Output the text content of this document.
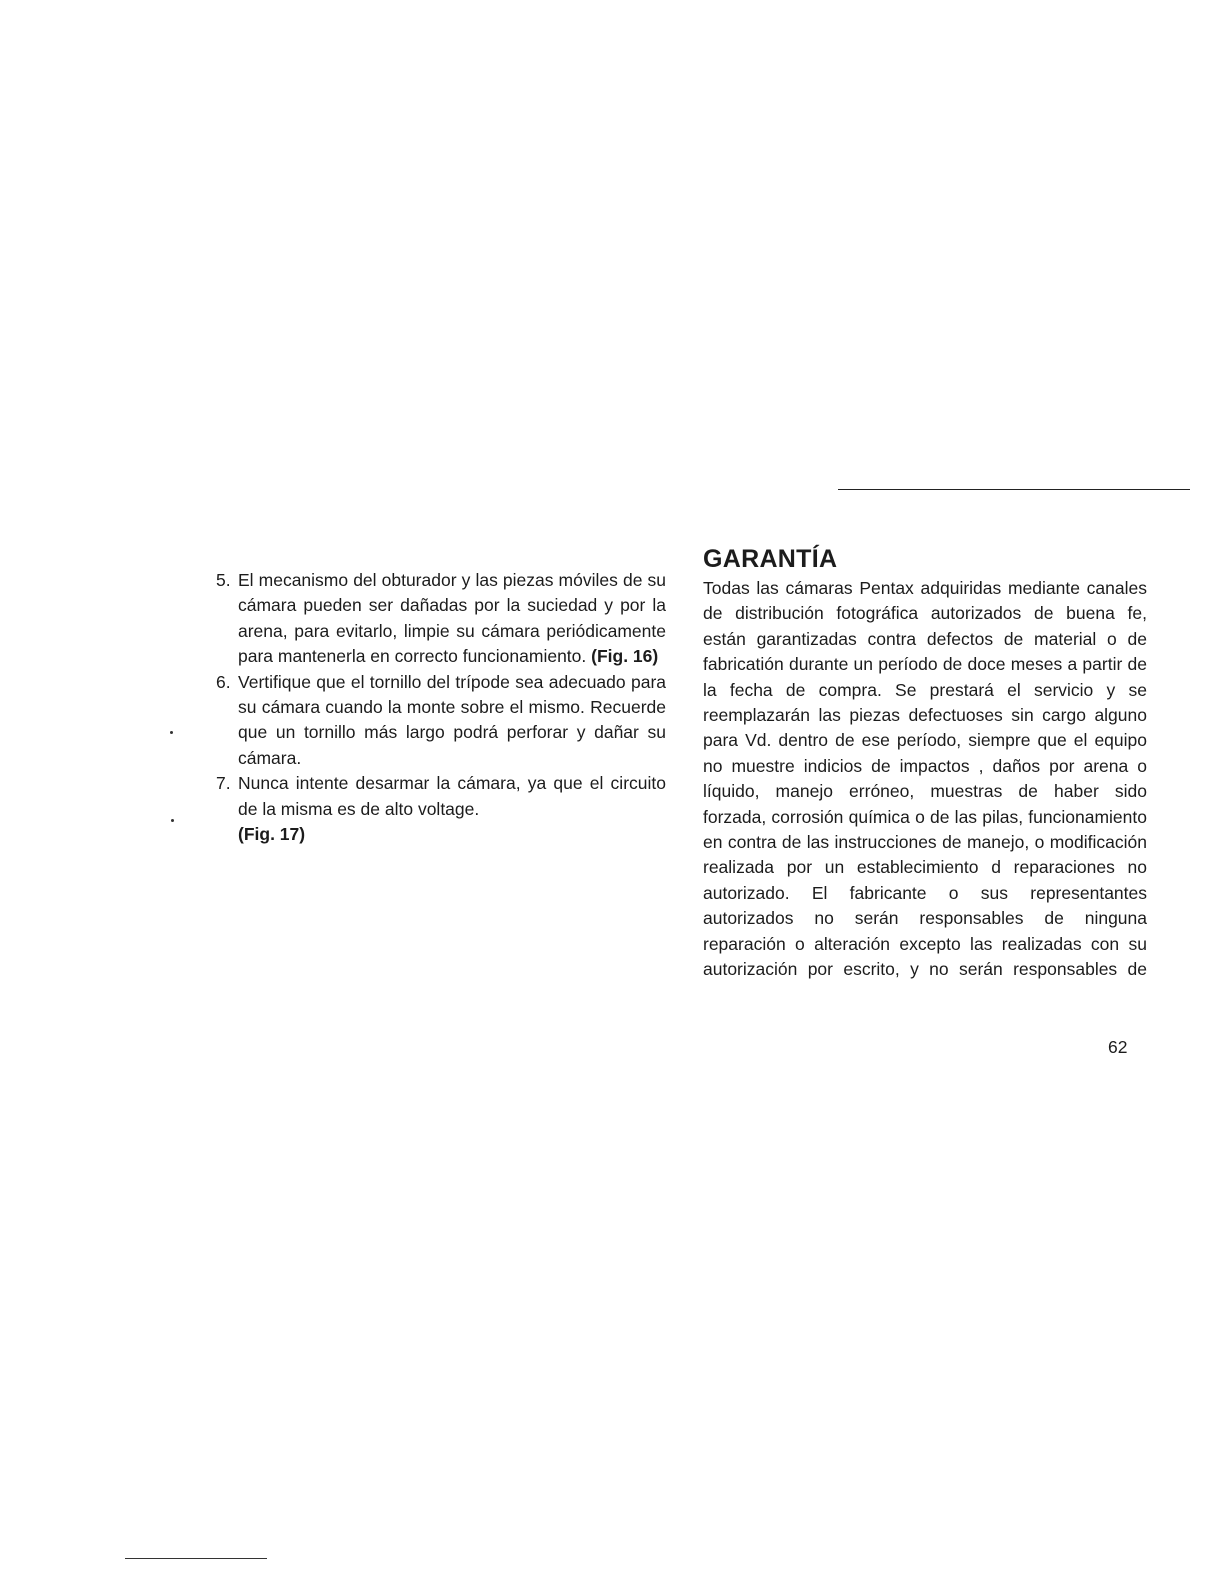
5. El mecanismo del obturador y las piezas móviles de su cámara pueden ser dañadas por la suciedad y por la arena, para evitarlo, limpie su cámara periódicamente para mantenerla en correcto funcionamiento. (Fig. 16)

6. Vertifique que el tornillo del trípode sea adecuado para su cámara cuando la monte sobre el mismo. Recuerde que un tornillo más largo podrá perforar y dañar su cámara.

7. Nunca intente desarmar la cámara, ya que el circuito de la misma es de alto voltage.
(Fig. 17)

GARANTÍA

Todas las cámaras Pentax adquiridas mediante canales de distribución fotográfica autorizados de buena fe, están garantizadas contra defectos de material o de fabricatión durante un período de doce meses a partir de la fecha de compra. Se prestará el servicio y se reemplazarán las piezas defectuoses sin cargo alguno para Vd. dentro de ese período, siempre que el equipo no muestre indicios de impactos , daños por arena o líquido, manejo erróneo, muestras de haber sido forzada, corrosión química o de las pilas, funcionamiento en contra de las instrucciones de manejo, o modificación realizada por un establecimiento d reparaciones no autorizado. El fabricante o sus representantes autorizados no serán responsables de ninguna reparación o alteración excepto las realizadas con su autorización por escrito, y no serán responsables de

62
